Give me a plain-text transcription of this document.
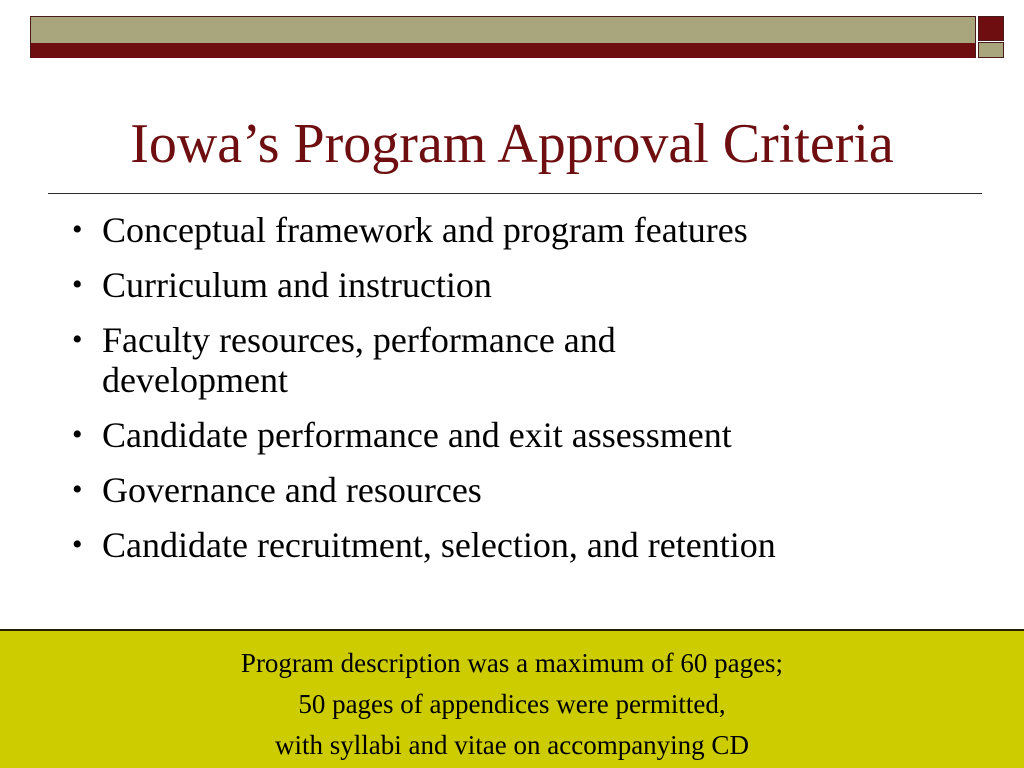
Iowa’s Program Approval Criteria
• Conceptual framework and program features
• Curriculum and instruction
• Faculty resources, performance and development
• Candidate performance and exit assessment
• Governance and resources
• Candidate recruitment, selection, and retention
Program description was a maximum of 60 pages;
50 pages of appendices were permitted,
with syllabi and vitae on accompanying CD
